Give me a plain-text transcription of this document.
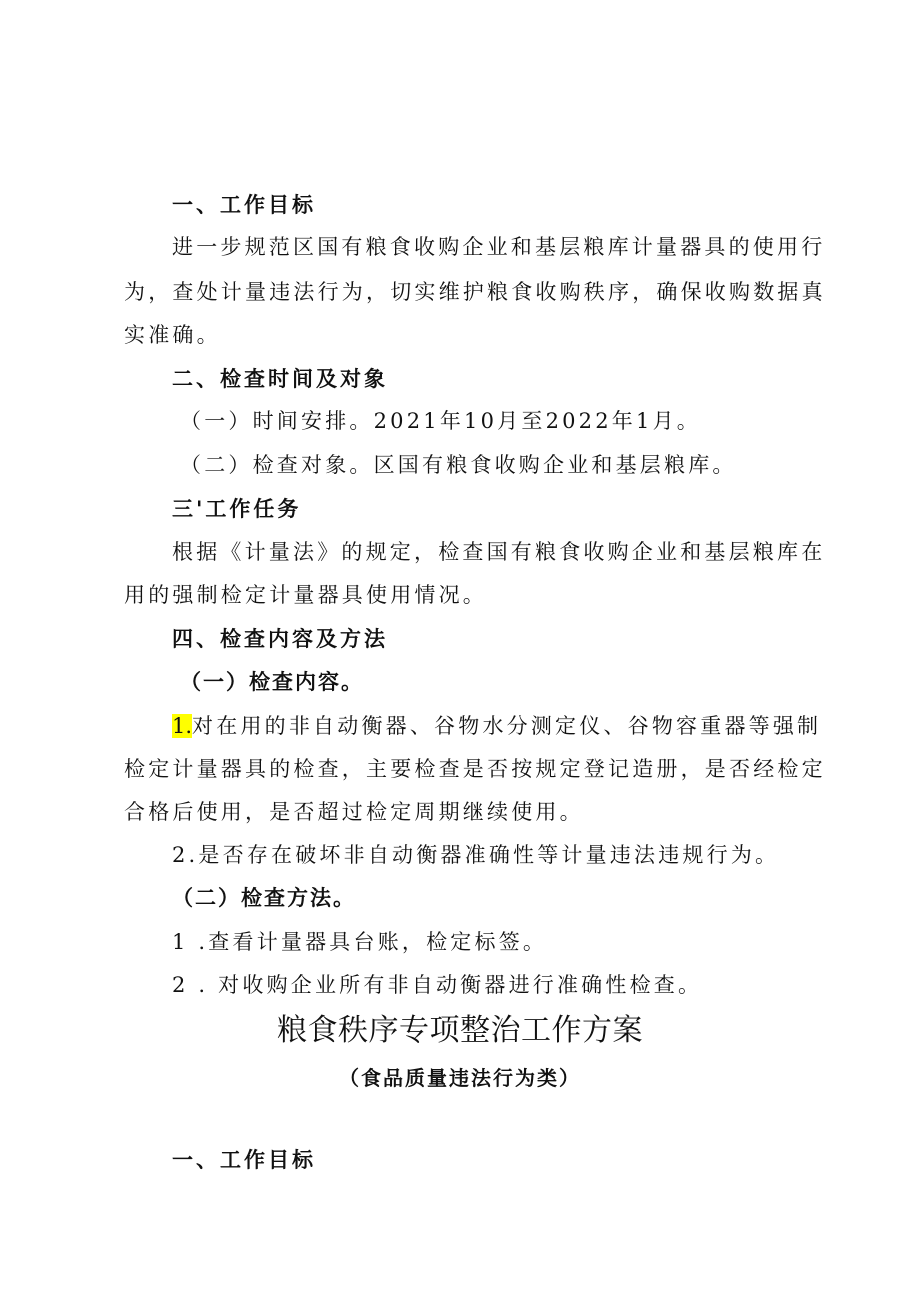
一、工作目标
进一步规范区国有粮食收购企业和基层粮库计量器具的使用行
为，查处计量违法行为，切实维护粮食收购秩序，确保收购数据真
实准确。
二、检查时间及对象
（一）时间安排。2021年10月至2022年1月。
（二）检查对象。区国有粮食收购企业和基层粮库。
三'工作任务
根据《计量法》的规定，检查国有粮食收购企业和基层粮库在
用的强制检定计量器具使用情况。
四、检查内容及方法
（一）检查内容。
1.对在用的非自动衡器、谷物水分测定仪、谷物容重器等强制
检定计量器具的检查，主要检查是否按规定登记造册，是否经检定
合格后使用，是否超过检定周期继续使用。
2.是否存在破坏非自动衡器准确性等计量违法违规行为。
（二）检查方法。
1 .查看计量器具台账，检定标签。
2 . 对收购企业所有非自动衡器进行准确性检查。
粮食秩序专项整治工作方案
（食品质量违法行为类）
一、工作目标
